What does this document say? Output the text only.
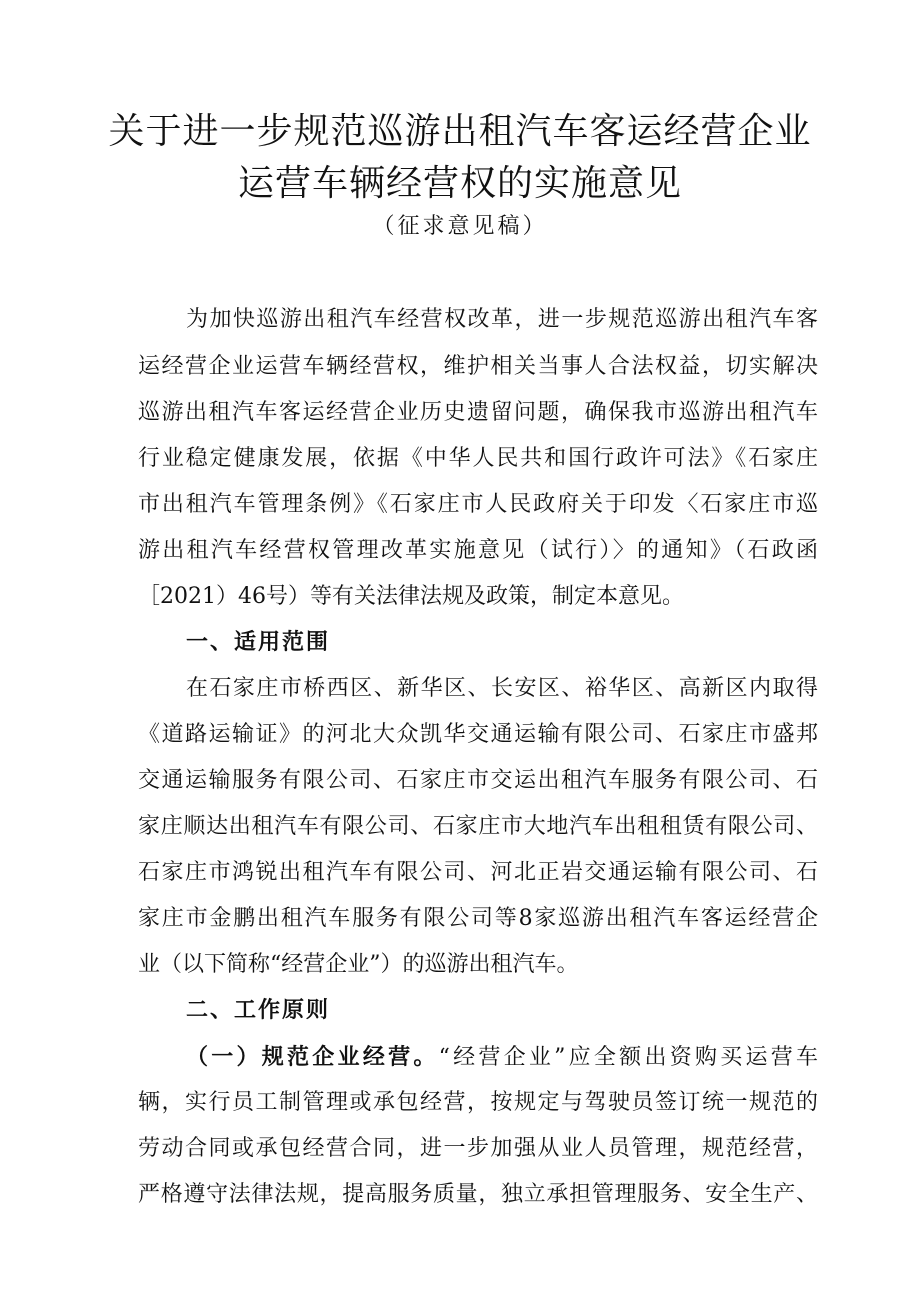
关于进一步规范巡游出租汽车客运经营企业
运营车辆经营权的实施意见
（征求意见稿）
为加快巡游出租汽车经营权改革，进一步规范巡游出租汽车客
运经营企业运营车辆经营权，维护相关当事人合法权益，切实解决
巡游出租汽车客运经营企业历史遗留问题，确保我市巡游出租汽车
行业稳定健康发展，依据《中华人民共和国行政许可法》《石家庄
市出租汽车管理条例》《石家庄市人民政府关于印发〈石家庄市巡
游出租汽车经营权管理改革实施意见（试行）〉的通知》（石政函
［2021）46号）等有关法律法规及政策，制定本意见。
一、适用范围
在石家庄市桥西区、新华区、长安区、裕华区、高新区内取得
《道路运输证》的河北大众凯华交通运输有限公司、石家庄市盛邦
交通运输服务有限公司、石家庄市交运出租汽车服务有限公司、石
家庄顺达出租汽车有限公司、石家庄市大地汽车出租租赁有限公司、
石家庄市鸿锐出租汽车有限公司、河北正岩交通运输有限公司、石
家庄市金鹏出租汽车服务有限公司等8家巡游出租汽车客运经营企
业（以下简称“经营企业”）的巡游出租汽车。
二、工作原则
（一）规范企业经营。“经营企业”应全额出资购买运营车
辆，实行员工制管理或承包经营，按规定与驾驶员签订统一规范的
劳动合同或承包经营合同，进一步加强从业人员管理，规范经营，
严格遵守法律法规，提高服务质量，独立承担管理服务、安全生产、
